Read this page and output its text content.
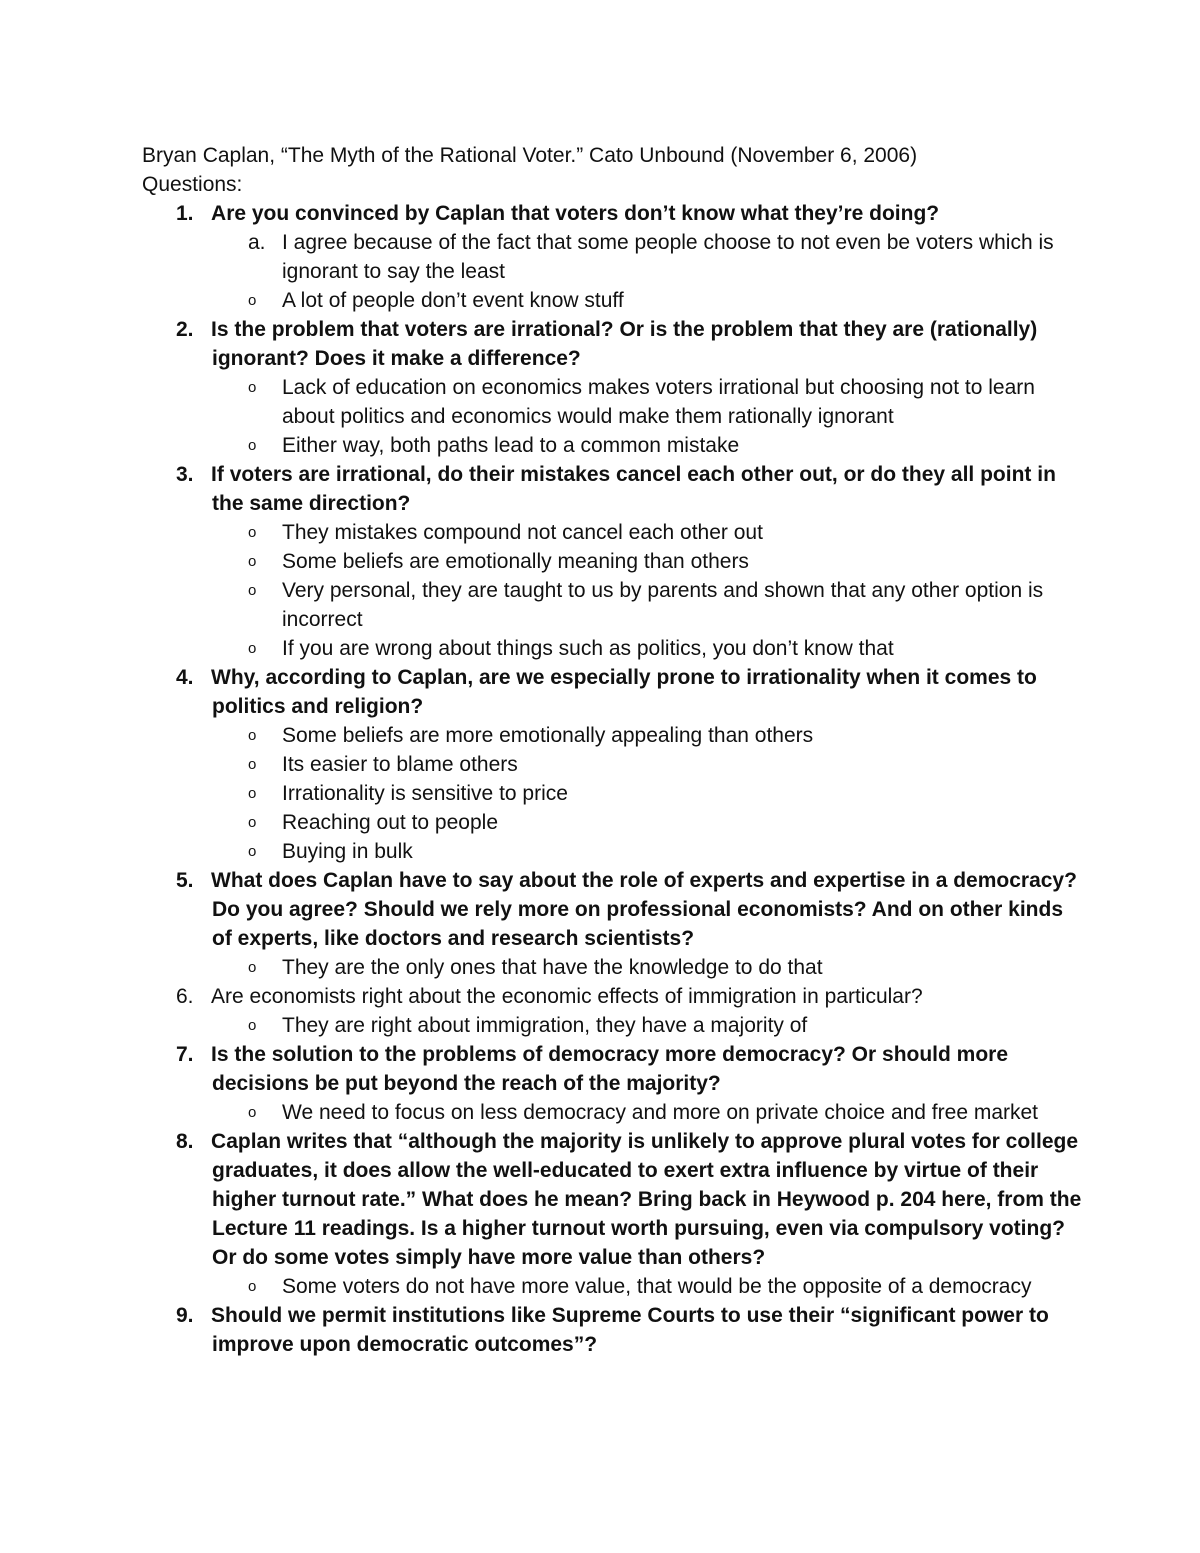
Bryan Caplan, “The Myth of the Rational Voter.” Cato Unbound (November 6, 2006)
Questions:
1. Are you convinced by Caplan that voters don’t know what they’re doing?
a. I agree because of the fact that some people choose to not even be voters which is ignorant to say the least
o	A lot of people don’t event know stuff
2. Is the problem that voters are irrational? Or is the problem that they are (rationally) ignorant? Does it make a difference?
o	Lack of education on economics makes voters irrational but choosing not to learn about politics and economics would make them rationally ignorant
o	Either way, both paths lead to a common mistake
3. If voters are irrational, do their mistakes cancel each other out, or do they all point in the same direction?
o	They mistakes compound not cancel each other out
o	Some beliefs are emotionally meaning than others
o	Very personal, they are taught to us by parents and shown that any other option is incorrect
o	If you are wrong about things such as politics, you don’t know that
4. Why, according to Caplan, are we especially prone to irrationality when it comes to politics and religion?
o	Some beliefs are more emotionally appealing than others
o	Its easier to blame others
o	Irrationality is sensitive to price
o	Reaching out to people
o	Buying in bulk
5. What does Caplan have to say about the role of experts and expertise in a democracy? Do you agree? Should we rely more on professional economists? And on other kinds of experts, like doctors and research scientists?
o	They are the only ones that have the knowledge to do that
6. Are economists right about the economic effects of immigration in particular?
o	They are right about immigration, they have a majority of
7. Is the solution to the problems of democracy more democracy? Or should more decisions be put beyond the reach of the majority?
o	We need to focus on less democracy and more on private choice and free market
8. Caplan writes that “although the majority is unlikely to approve plural votes for college graduates, it does allow the well-educated to exert extra influence by virtue of their higher turnout rate.” What does he mean? Bring back in Heywood p. 204 here, from the Lecture 11 readings. Is a higher turnout worth pursuing, even via compulsory voting? Or do some votes simply have more value than others?
o	Some voters do not have more value, that would be the opposite of a democracy
9. Should we permit institutions like Supreme Courts to use their “significant power to improve upon democratic outcomes”?
